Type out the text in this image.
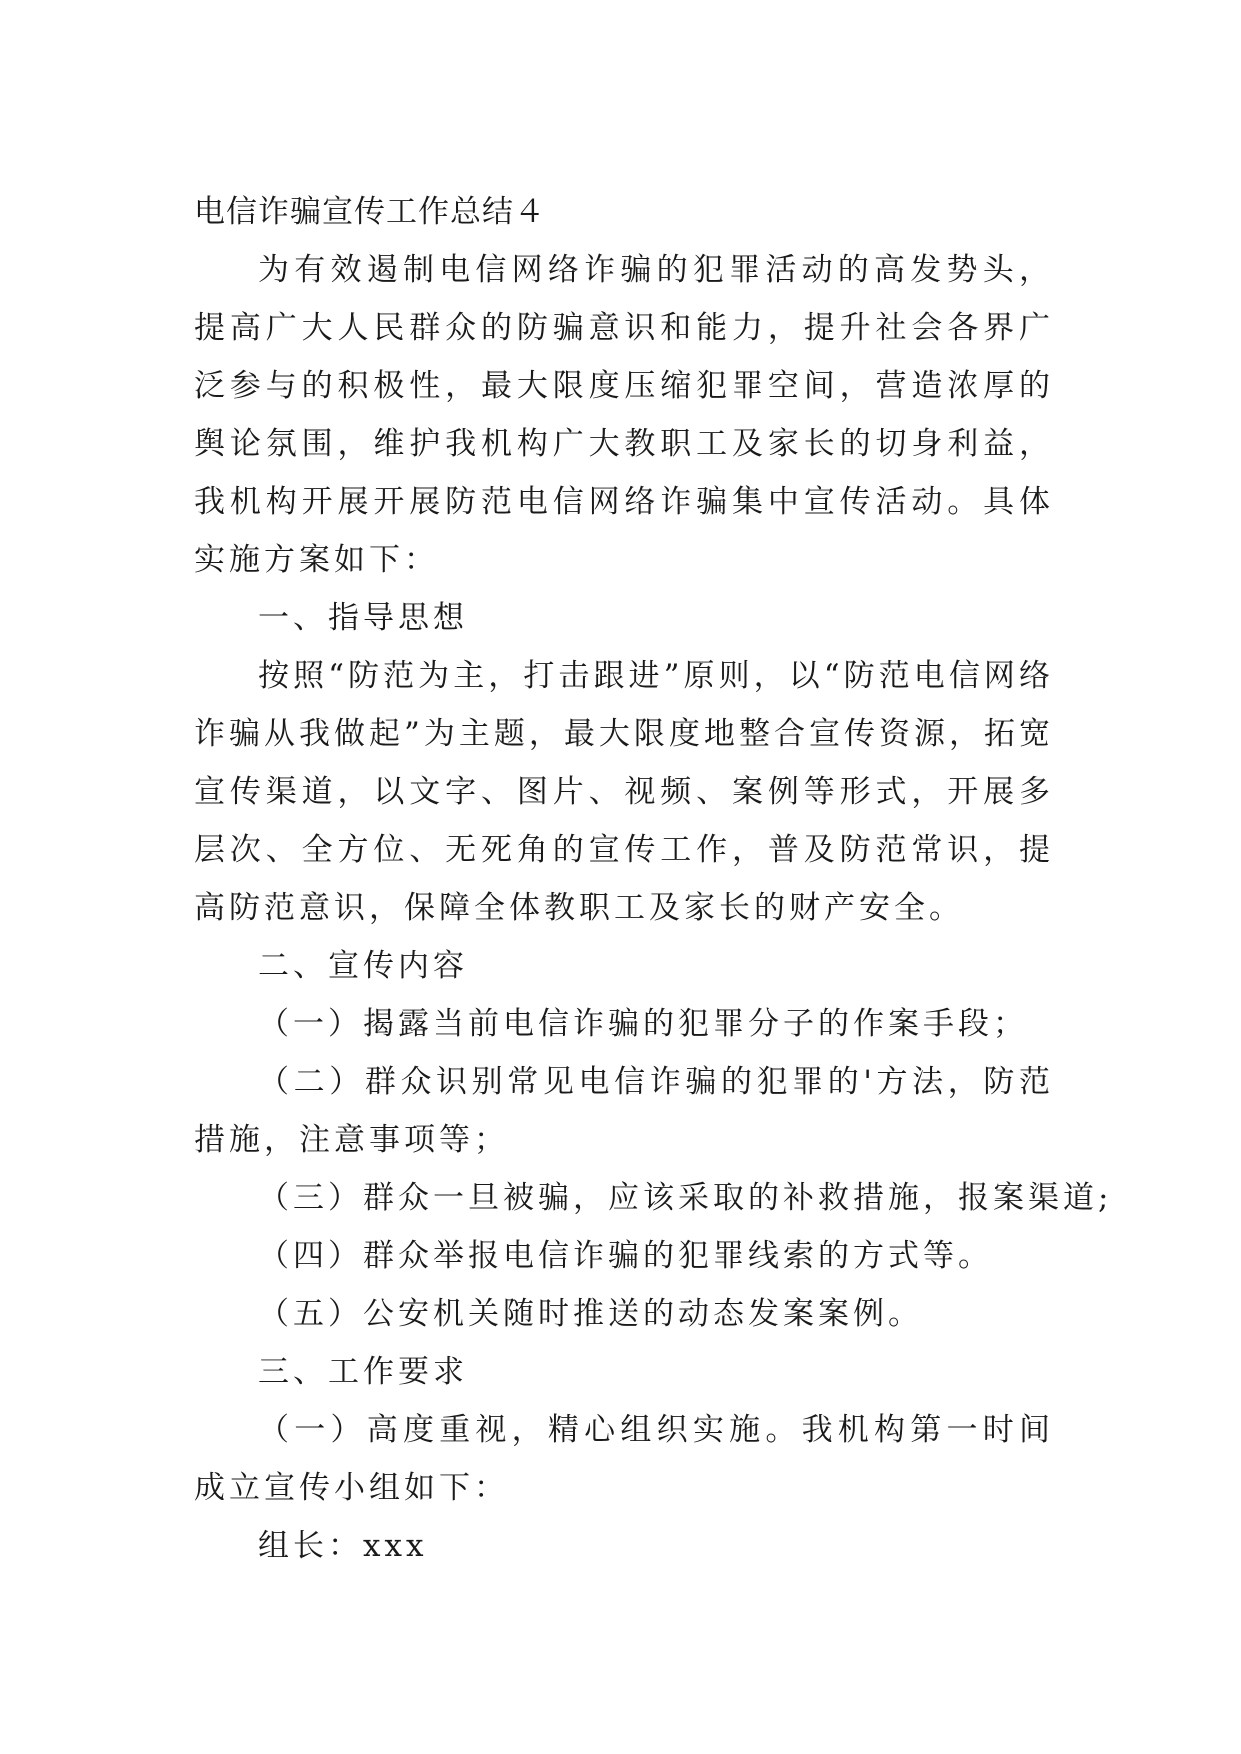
电信诈骗宣传工作总结４

为有效遏制电信网络诈骗的犯罪活动的高发势头，提高广大人民群众的防骗意识和能力，提升社会各界广泛参与的积极性，最大限度压缩犯罪空间，营造浓厚的舆论氛围，维护我机构广大教职工及家长的切身利益，我机构开展开展防范电信网络诈骗集中宣传活动。具体实施方案如下：

一、指导思想

按照“防范为主，打击跟进”原则，以“防范电信网络诈骗从我做起”为主题，最大限度地整合宣传资源，拓宽宣传渠道，以文字、图片、视频、案例等形式，开展多层次、全方位、无死角的宣传工作，普及防范常识，提高防范意识，保障全体教职工及家长的财产安全。

二、宣传内容

（一）揭露当前电信诈骗的犯罪分子的作案手段；

（二）群众识别常见电信诈骗的犯罪的'方法，防范措施，注意事项等；

（三）群众一旦被骗，应该采取的补救措施，报案渠道;

（四）群众举报电信诈骗的犯罪线索的方式等。

（五）公安机关随时推送的动态发案案例。

三、工作要求

（一）高度重视，精心组织实施。我机构第一时间成立宣传小组如下：

组长：xxx
